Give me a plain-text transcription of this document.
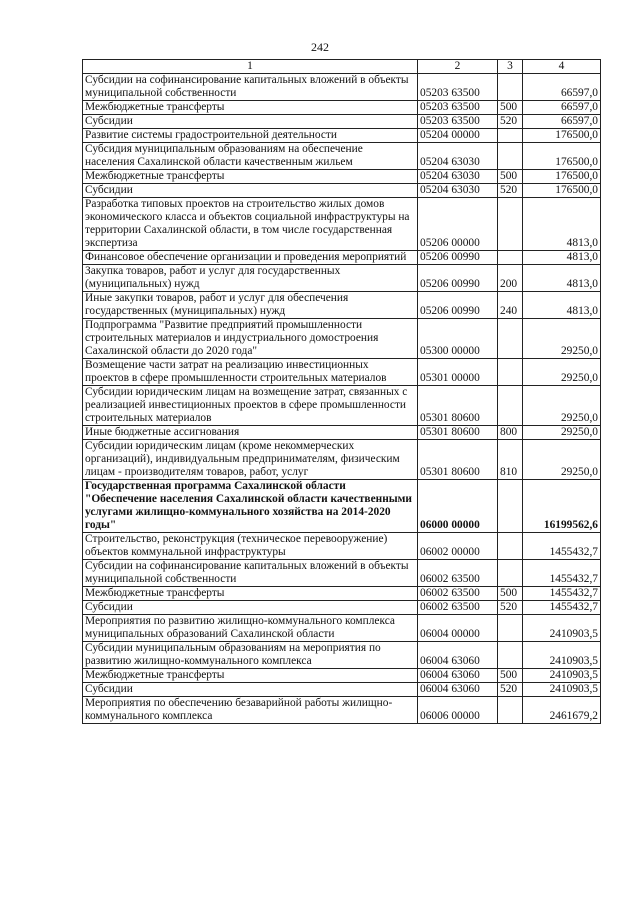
242
1	2	3	4
Субсидии на софинансирование капитальных вложений в объекты муниципальной собственности	05203 63500		66597,0
Межбюджетные трансферты	05203 63500	500	66597,0
Субсидии	05203 63500	520	66597,0
Развитие системы градостроительной деятельности	05204 00000		176500,0
Субсидия муниципальным образованиям на обеспечение населения Сахалинской области качественным жильем	05204 63030		176500,0
Межбюджетные трансферты	05204 63030	500	176500,0
Субсидии	05204 63030	520	176500,0
Разработка типовых проектов на строительство жилых домов экономического класса и объектов социальной инфраструктуры на территории Сахалинской области, в том числе государственная экспертиза	05206 00000		4813,0
Финансовое обеспечение организации и проведения мероприятий	05206 00990		4813,0
Закупка товаров, работ и услуг для государственных (муниципальных) нужд	05206 00990	200	4813,0
Иные закупки товаров, работ и услуг для обеспечения государственных (муниципальных) нужд	05206 00990	240	4813,0
Подпрограмма "Развитие предприятий промышленности строительных материалов и индустриального домостроения Сахалинской области до 2020 года"	05300 00000		29250,0
Возмещение части затрат на реализацию инвестиционных проектов в сфере промышленности строительных материалов	05301 00000		29250,0
Субсидии юридическим лицам на возмещение затрат, связанных с реализацией инвестиционных проектов в сфере промышленности строительных материалов	05301 80600		29250,0
Иные бюджетные ассигнования	05301 80600	800	29250,0
Субсидии юридическим лицам (кроме некоммерческих организаций), индивидуальным предпринимателям, физическим лицам - производителям товаров, работ, услуг	05301 80600	810	29250,0
Государственная программа Сахалинской области "Обеспечение населения Сахалинской области качественными услугами жилищно-коммунального хозяйства на 2014-2020 годы"	06000 00000		16199562,6
Строительство, реконструкция (техническое перевооружение) объектов коммунальной инфраструктуры	06002 00000		1455432,7
Субсидии на софинансирование капитальных вложений в объекты муниципальной собственности	06002 63500		1455432,7
Межбюджетные трансферты	06002 63500	500	1455432,7
Субсидии	06002 63500	520	1455432,7
Мероприятия по развитию жилищно-коммунального комплекса муниципальных образований Сахалинской области	06004 00000		2410903,5
Субсидии муниципальным образованиям на мероприятия по развитию жилищно-коммунального комплекса	06004 63060		2410903,5
Межбюджетные трансферты	06004 63060	500	2410903,5
Субсидии	06004 63060	520	2410903,5
Мероприятия по обеспечению безаварийной работы жилищно-коммунального комплекса	06006 00000		2461679,2
